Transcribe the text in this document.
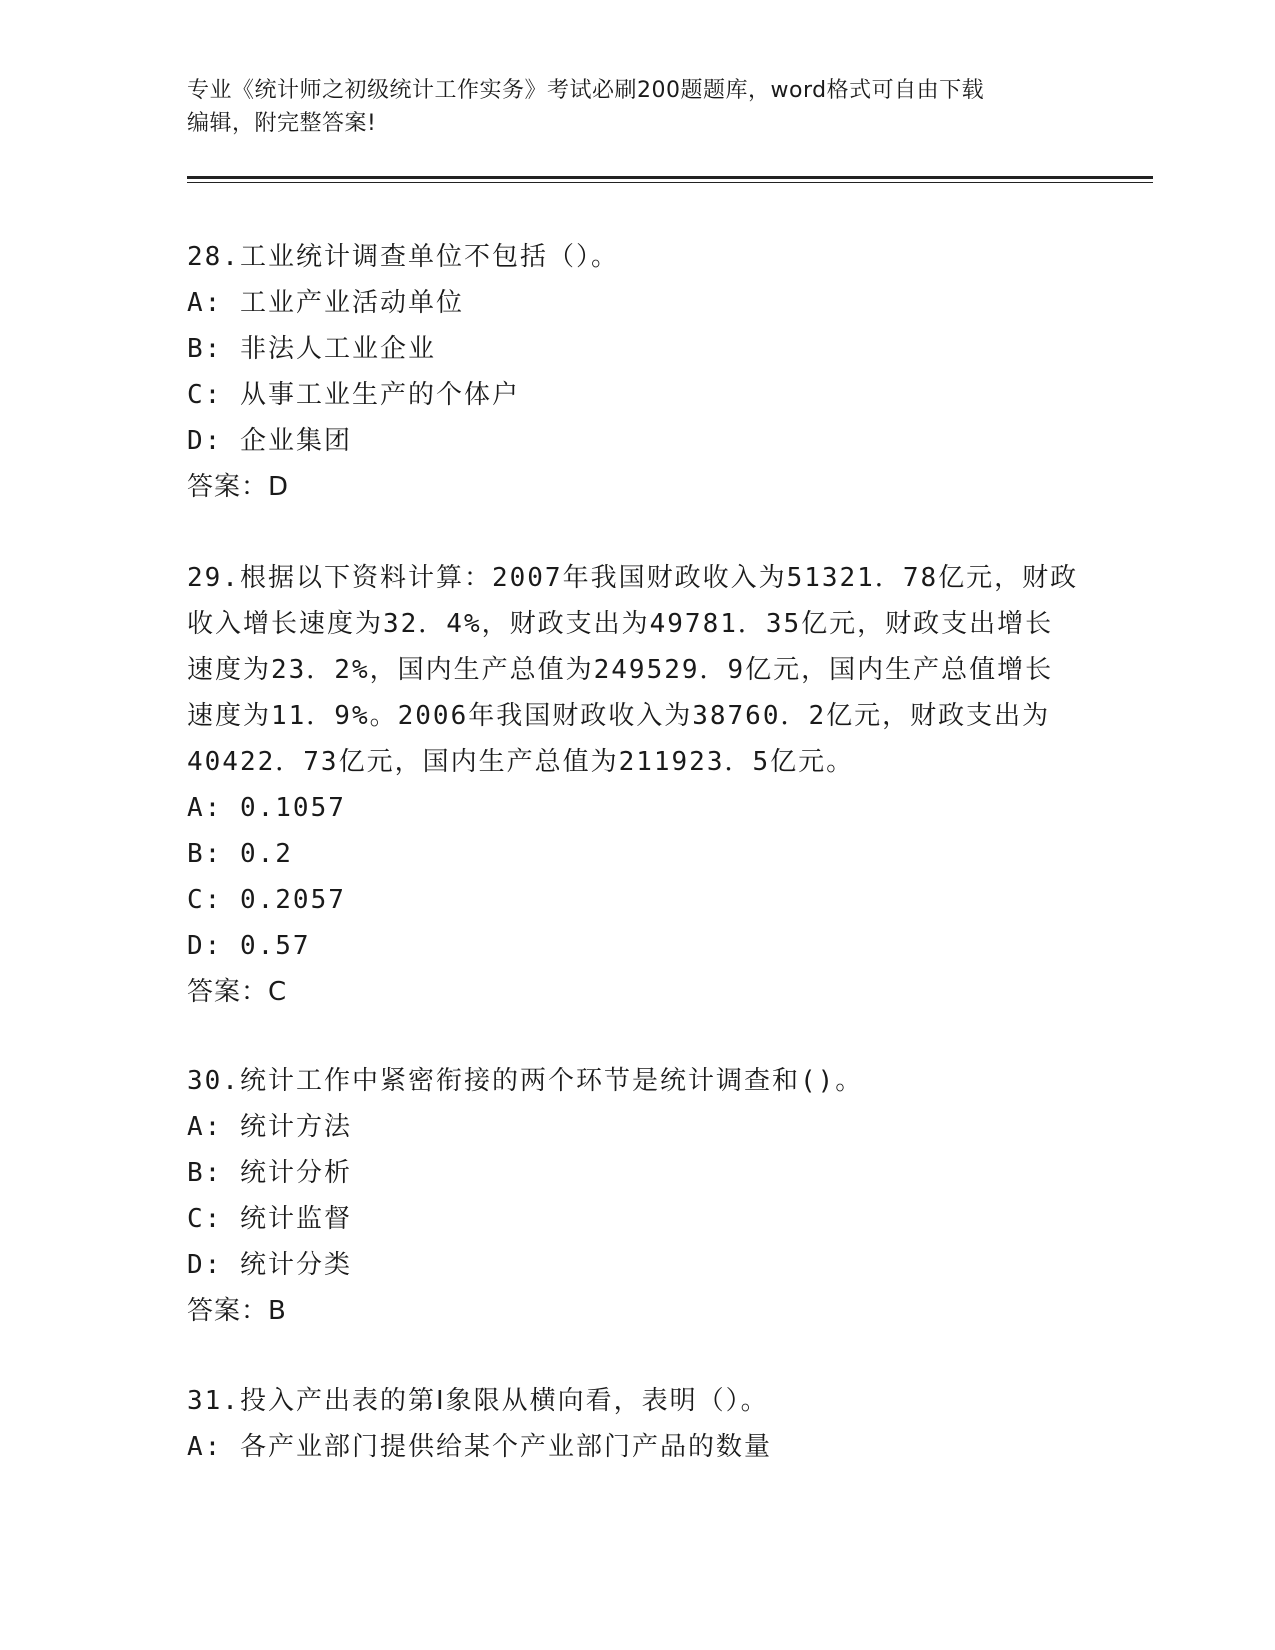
专业《统计师之初级统计工作实务》考试必刷200题题库，word格式可自由下载
编辑，附完整答案!

28.工业统计调查单位不包括（）。

A: 工业产业活动单位

B: 非法人工业企业

C: 从事工业生产的个体户

D: 企业集团

答案：D

29.根据以下资料计算：2007年我国财政收入为51321．78亿元，财政

收入增长速度为32．4%，财政支出为49781．35亿元，财政支出增长

速度为23．2%，国内生产总值为249529．9亿元，国内生产总值增长

速度为11．9%。2006年我国财政收入为38760．2亿元，财政支出为

40422．73亿元，国内生产总值为211923．5亿元。

A: 0.1057

B: 0.2

C: 0.2057

D: 0.57

答案：C

30.统计工作中紧密衔接的两个环节是统计调查和()。

A: 统计方法

B: 统计分析

C: 统计监督

D: 统计分类

答案：B

31.投入产出表的第Ⅰ象限从横向看，表明（）。

A: 各产业部门提供给某个产业部门产品的数量
